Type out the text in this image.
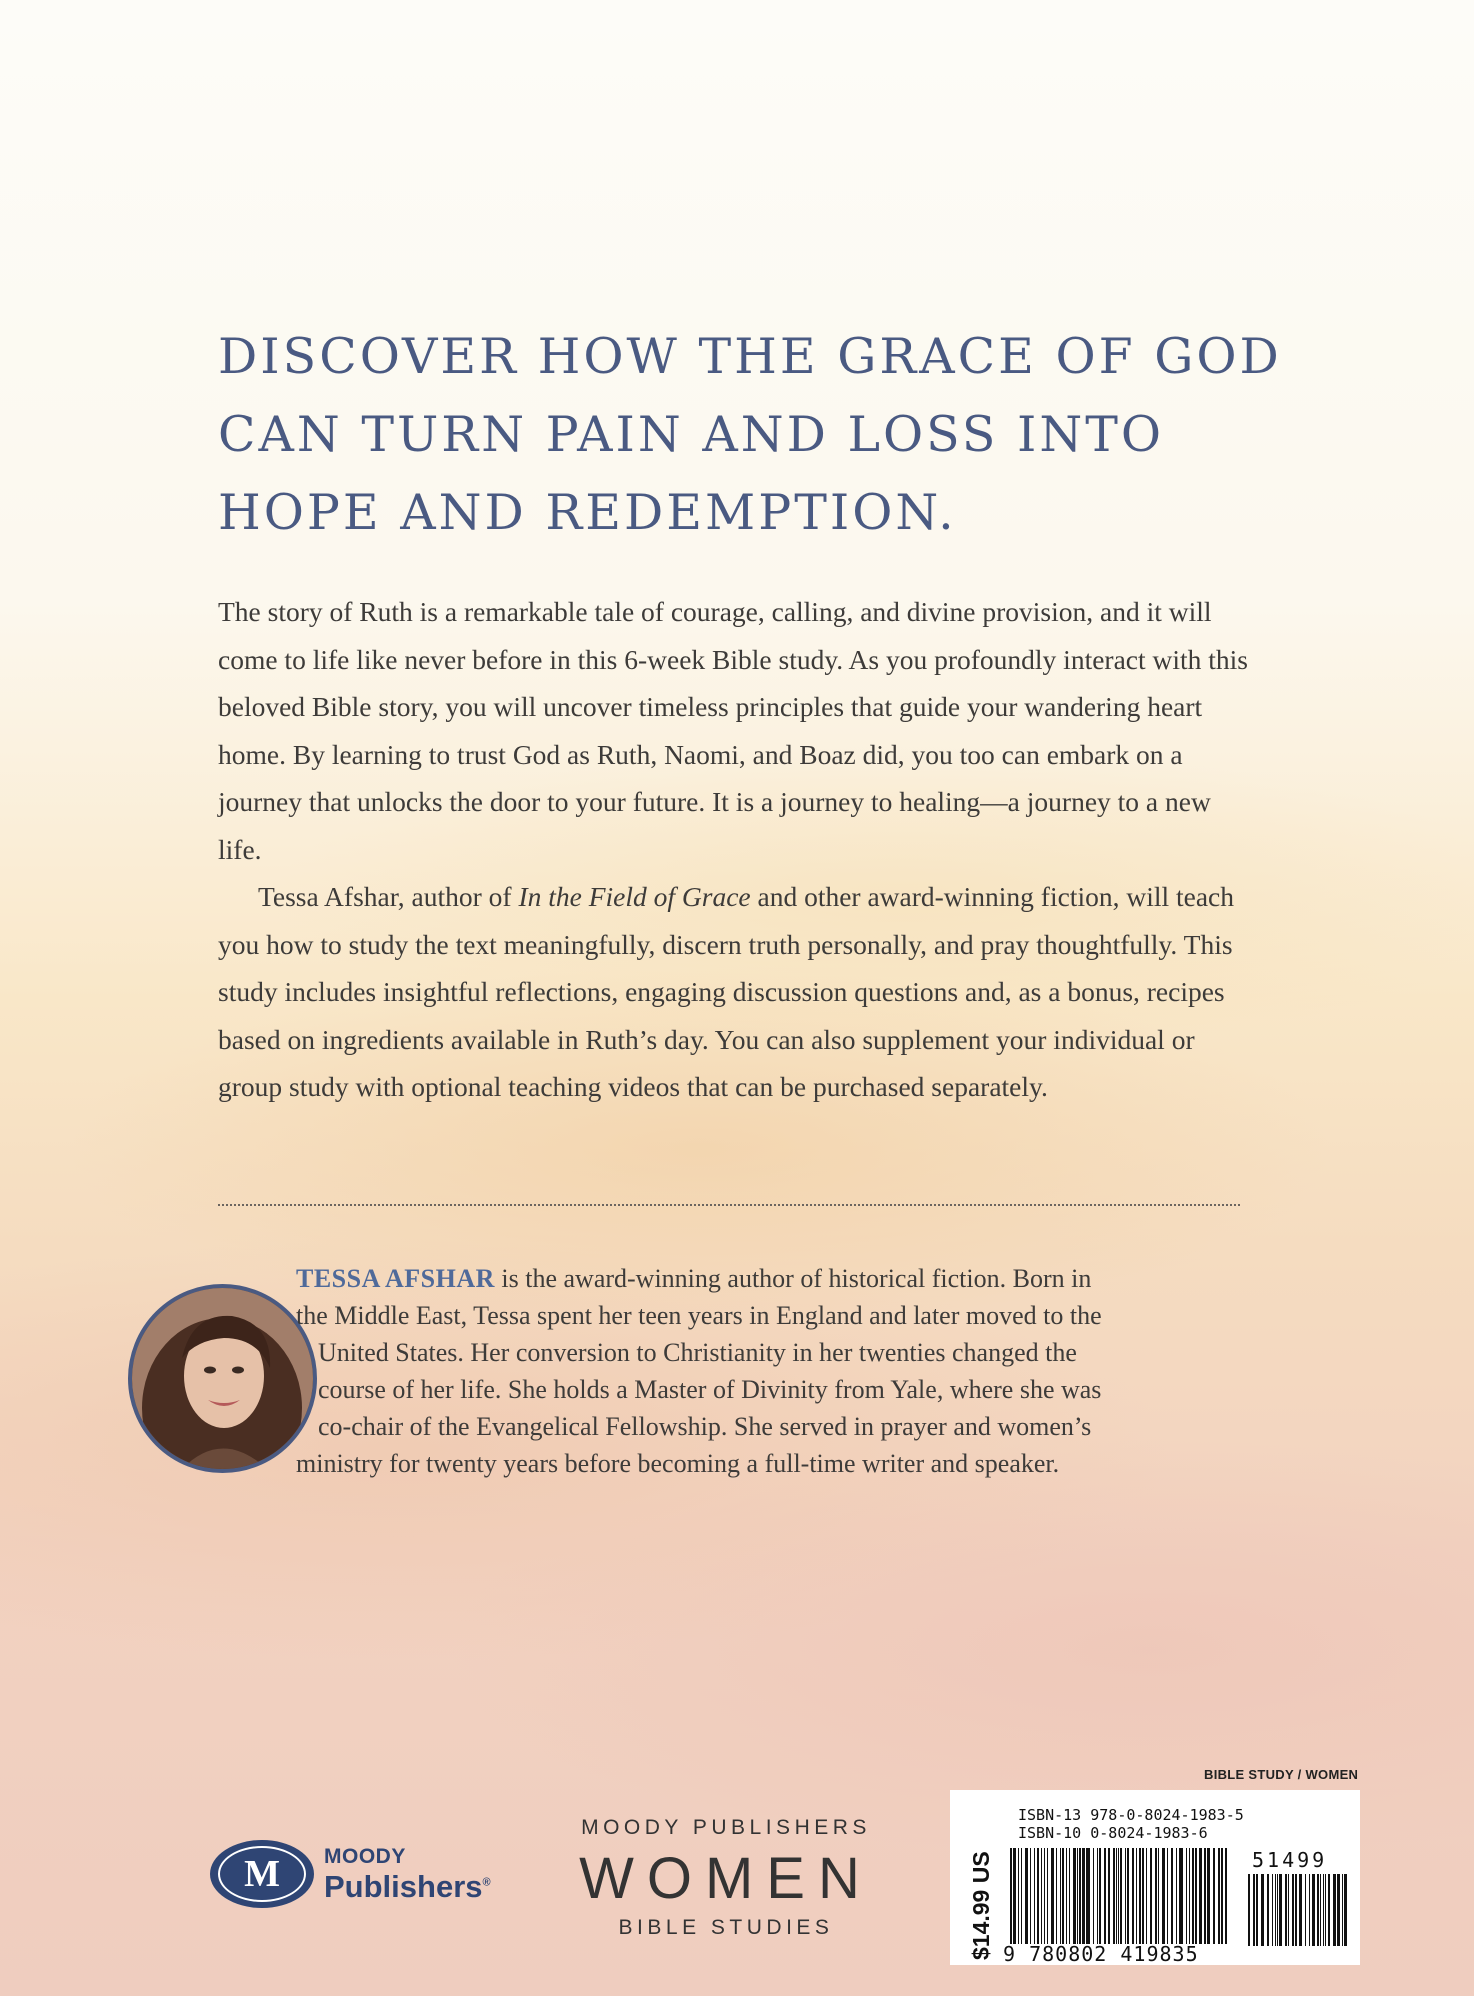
DISCOVER HOW THE GRACE OF GOD
CAN TURN PAIN AND LOSS INTO
HOPE AND REDEMPTION.

The story of Ruth is a remarkable tale of courage, calling, and divine provision, and it will come to life like never before in this 6-week Bible study. As you profoundly interact with this beloved Bible story, you will uncover timeless principles that guide your wandering heart home. By learning to trust God as Ruth, Naomi, and Boaz did, you too can embark on a journey that unlocks the door to your future. It is a journey to healing—a journey to a new life.

Tessa Afshar, author of In the Field of Grace and other award-winning fiction, will teach you how to study the text meaningfully, discern truth personally, and pray thoughtfully. This study includes insightful reflections, engaging discussion questions and, as a bonus, recipes based on ingredients available in Ruth’s day. You can also supplement your individual or group study with optional teaching videos that can be purchased separately.

TESSA AFSHAR is the award-winning author of historical fiction. Born in
the Middle East, Tessa spent her teen years in England and later moved to the
United States. Her conversion to Christianity in her twenties changed the
course of her life. She holds a Master of Divinity from Yale, where she was
co-chair of the Evangelical Fellowship. She served in prayer and women’s
ministry for twenty years before becoming a full-time writer and speaker.
BIBLE STUDY / WOMEN
M	MOODY
Publishers®
MOODY PUBLISHERS
WOMEN
BIBLE STUDIES	$14.99 US
ISBN-13 978-0-8024-1983-5
ISBN-10 0-8024-1983-6
51499
9 780802 419835
